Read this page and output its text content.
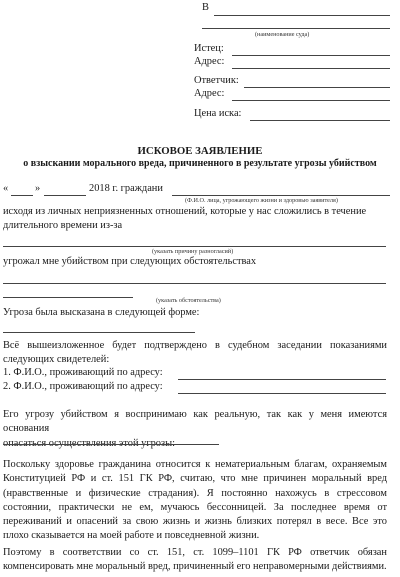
В
(наименование суда)
Истец:
Адрес:
Ответчик:
Адрес:
Цена иска:
ИСКОВОЕ ЗАЯВЛЕНИЕ
о взыскании морального вреда, причиненного в результате угрозы убийством
«	»	2018 г. граждани
(Ф.И.О. лица, угрожающего жизни и здоровью заявителя)
исходя из личных неприязненных отношений, которые у нас сложились в течение
длительного времени из-за
(указать причину разногласий)
угрожал мне убийством при следующих обстоятельствах
(указать обстоятельства)
Угроза была высказана в следующей форме:

Всё вышеизложенное будет подтверждено в судебном заседании показаниями

следующих свидетелей:

1. Ф.И.О., проживающий по адресу:
2. Ф.И.О., проживающий по адресу:

Его угрозу убийством я воспринимаю как реальную, так как у меня имеются основания

опасаться осуществления этой угрозы:

Поскольку здоровье гражданина относится к нематериальным благам, охраняемым Конституцией РФ и ст. 151 ГК РФ, считаю, что мне причинен моральный вред (нравственные и физические страдания). Я постоянно нахожусь в стрессовом состоянии, практически не ем, мучаюсь бессонницей. За последнее время от переживаний и опасений за свою жизнь и жизнь близких потерял в весе. Все это плохо сказывается на моей работе и повседневной жизни.

Поэтому в соответствии со ст. 151, ст. 1099–1101 ГК РФ ответчик обязан

компенсировать мне моральный вред, причиненный его неправомерными действиями.
